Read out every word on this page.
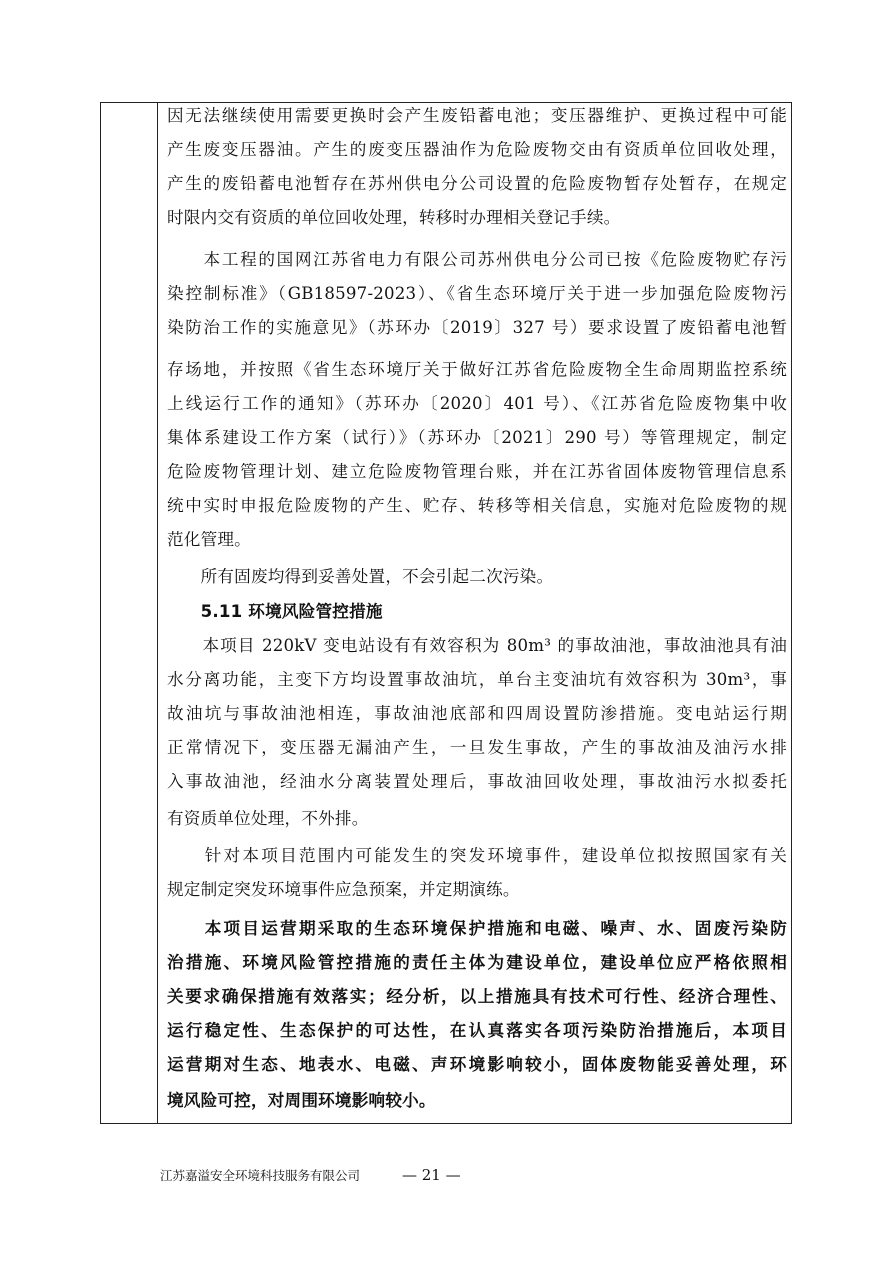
因无法继续使用需要更换时会产生废铅蓄电池；变压器维护、更换过程中可能
产生废变压器油。产生的废变压器油作为危险废物交由有资质单位回收处理，
产生的废铅蓄电池暂存在苏州供电分公司设置的危险废物暂存处暂存，在规定
时限内交有资质的单位回收处理，转移时办理相关登记手续。
　　本工程的国网江苏省电力有限公司苏州供电分公司已按《危险废物贮存污
染控制标准》（GB18597-2023）、《省生态环境厅关于进一步加强危险废物污
染防治工作的实施意见》（苏环办〔2019〕327 号）要求设置了废铅蓄电池暂
存场地，并按照《省生态环境厅关于做好江苏省危险废物全生命周期监控系统
上线运行工作的通知》（苏环办〔2020〕401 号）、《江苏省危险废物集中收
集体系建设工作方案（试行）》（苏环办〔2021〕290 号）等管理规定，制定
危险废物管理计划、建立危险废物管理台账，并在江苏省固体废物管理信息系
统中实时申报危险废物的产生、贮存、转移等相关信息，实施对危险废物的规
范化管理。
　　所有固废均得到妥善处置，不会引起二次污染。
　　5.11 环境风险管控措施
　　本项目 220kV 变电站设有有效容积为 80m³ 的事故油池，事故油池具有油
水分离功能，主变下方均设置事故油坑，单台主变油坑有效容积为 30m³，事
故油坑与事故油池相连，事故油池底部和四周设置防渗措施。变电站运行期
正常情况下，变压器无漏油产生，一旦发生事故，产生的事故油及油污水排
入事故油池，经油水分离装置处理后，事故油回收处理，事故油污水拟委托
有资质单位处理，不外排。
　　针对本项目范围内可能发生的突发环境事件，建设单位拟按照国家有关
规定制定突发环境事件应急预案，并定期演练。
　　本项目运营期采取的生态环境保护措施和电磁、噪声、水、固废污染防
治措施、环境风险管控措施的责任主体为建设单位，建设单位应严格依照相
关要求确保措施有效落实；经分析，以上措施具有技术可行性、经济合理性、
运行稳定性、生态保护的可达性，在认真落实各项污染防治措施后，本项目
运营期对生态、地表水、电磁、声环境影响较小，固体废物能妥善处理，环
境风险可控，对周围环境影响较小。
江苏嘉溢安全环境科技服务有限公司	— 21 —
